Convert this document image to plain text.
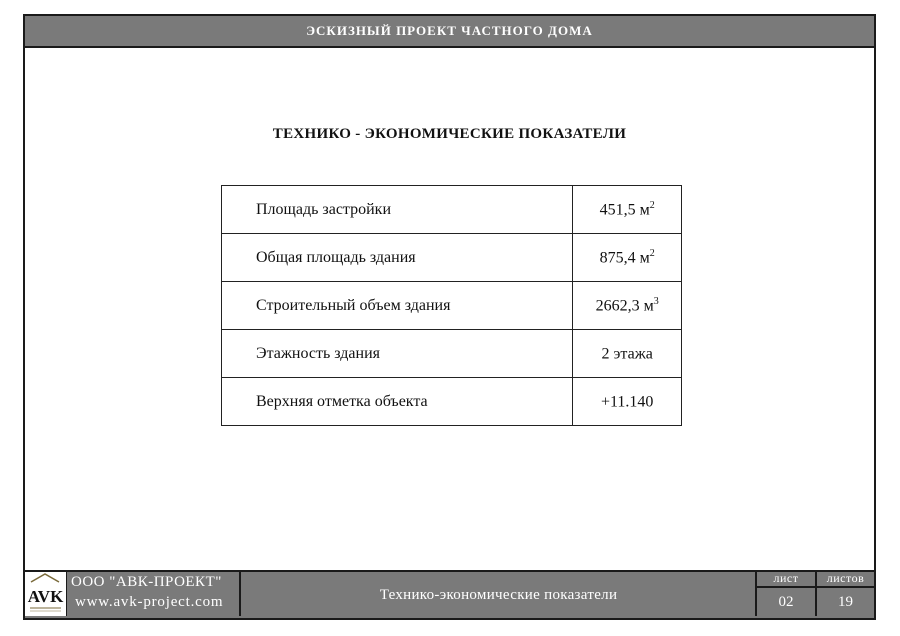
ЭСКИЗНЫЙ ПРОЕКТ ЧАСТНОГО ДОМА
ТЕХНИКО - ЭКОНОМИЧЕСКИЕ ПОКАЗАТЕЛИ
Площадь застройки	451,5 $м^2$
Общая площадь здания	875,4 $м^2$
Строительный объем здания	2662,3 $м^3$
Этажность здания	2 этажа
Верхняя отметка объекта	+11.140
AVK
ООО "АВК-ПРОЕКТ"
www.avk-project.com	Технико-экономические показатели
лист
02
листов
19
